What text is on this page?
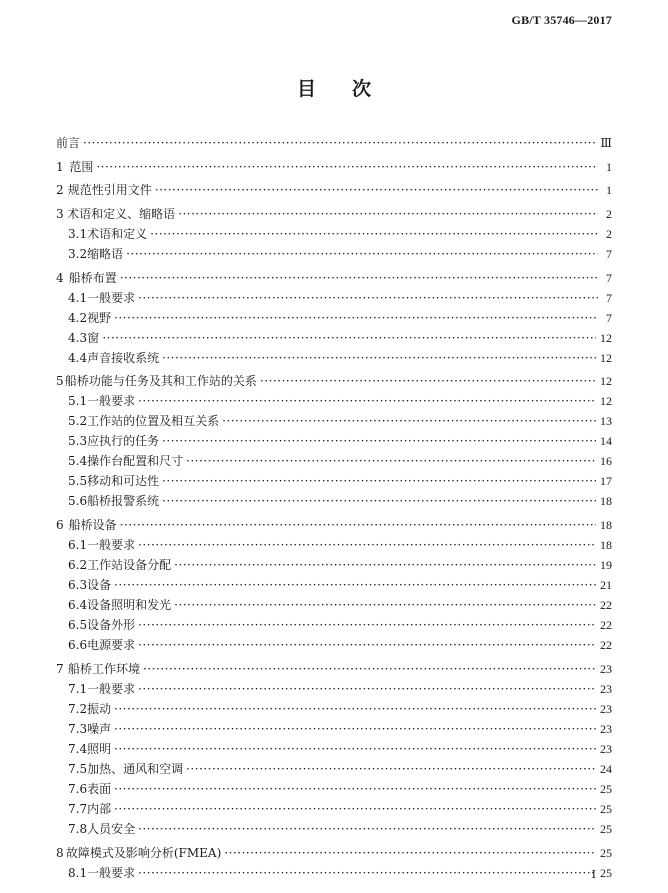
GB/T 35746—2017
目次
前言 ·····	Ⅲ
1 范围 ·····	1
2 规范性引用文件 ·····	1
3 术语和定义、缩略语 ·····	2
3.1 术语和定义 ·····	2
3.2 缩略语 ·····	7
4 船桥布置 ·····	7
4.1 一般要求 ·····	7
4.2 视野 ·····	7
4.3 窗 ·····	12
4.4 声音接收系统 ·····	12
5 船桥功能与任务及其和工作站的关系 ·····	12
5.1 一般要求 ·····	12
5.2 工作站的位置及相互关系 ·····	13
5.3 应执行的任务 ·····	14
5.4 操作台配置和尺寸 ·····	16
5.5 移动和可达性 ·····	17
5.6 船桥报警系统 ·····	18
6 船桥设备 ·····	18
6.1 一般要求 ·····	18
6.2 工作站设备分配 ·····	19
6.3 设备 ·····	21
6.4 设备照明和发光 ·····	22
6.5 设备外形 ·····	22
6.6 电源要求 ·····	22
7 船桥工作环境 ·····	23
7.1 一般要求 ·····	23
7.2 振动 ·····	23
7.3 噪声 ·····	23
7.4 照明 ·····	23
7.5 加热、通风和空调 ·····	24
7.6 表面 ·····	25
7.7 内部 ·····	25
7.8 人员安全 ·····	25
8 故障模式及影响分析(FMEA) ·····	25
8.1 一般要求 ·····	25
Ⅰ
